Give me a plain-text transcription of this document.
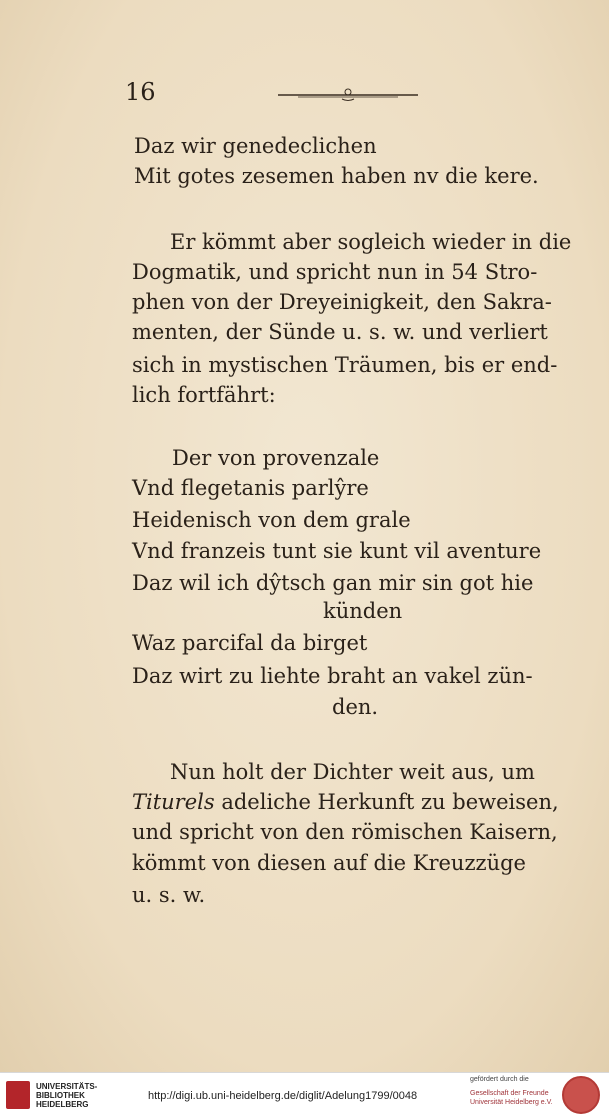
16
Daz wir genedeclichen
Mit gotes zesemen haben nv die kere.
Er kömmt aber sogleich wieder in die
Dogmatik, und spricht nun in 54 Stro-
phen von der Dreyeinigkeit, den Sakra-
menten, der Sünde u. s. w. und verliert
sich in mystischen Träumen, bis er end-
lich fortfährt:
Der von provenzale
Vnd flegetanis parlŷre
Heidenisch von dem grale
Vnd franzeis tunt sie kunt vil aventure
Daz wil ich dŷtsch gan mir sin got hie
künden
Waz parcifal da birget
Daz wirt zu liehte braht an vakel zün-
den.
Nun holt der Dichter weit aus, um
Titurels adeliche Herkunft zu beweisen,
und spricht von den römischen Kaisern,
kömmt von diesen auf die Kreuzzüge
u. s. w.
UNIVERSITÄTS-
BIBLIOTHEK
HEIDELBERG
http://digi.ub.uni-heidelberg.de/diglit/Adelung1799/0048
gefördert durch die
Gesellschaft der Freunde
Universität Heidelberg e.V.
